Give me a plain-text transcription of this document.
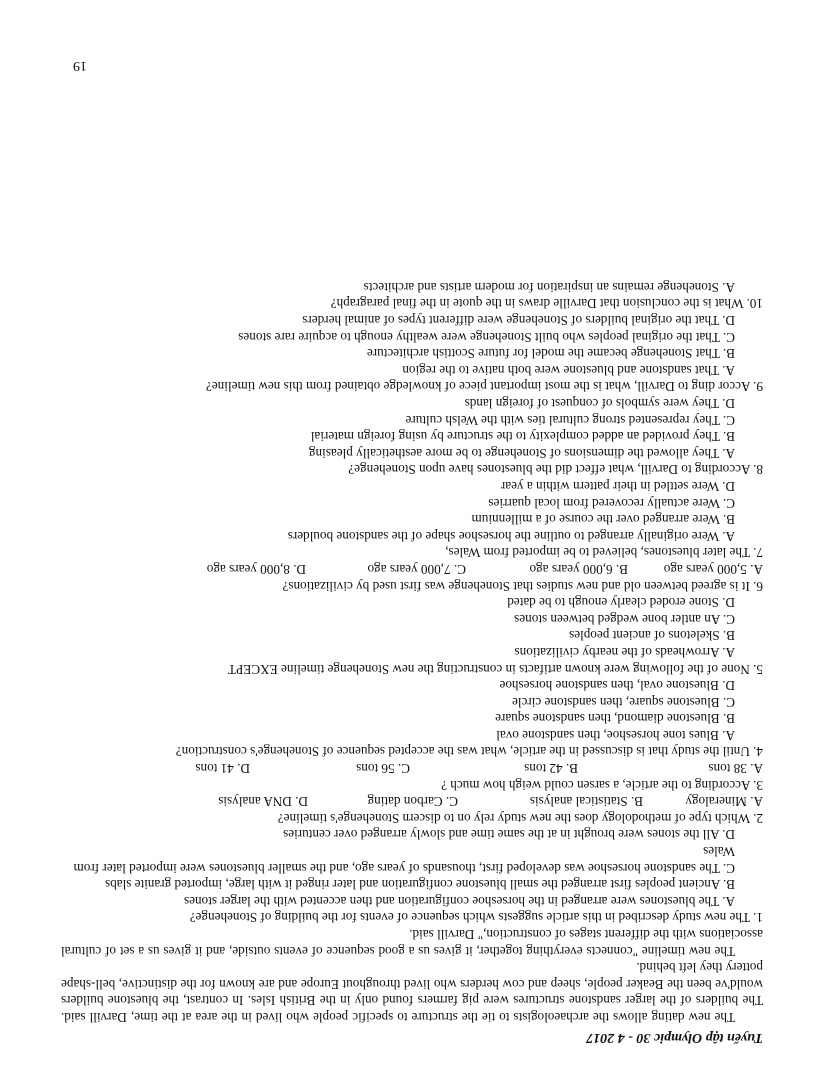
Tuyển tập Olympic 30 - 4 2017

The new dating allows the archaeologists to tie the structure to specific people who lived in the area at the time, Darvill said. The builders of the larger sandstone structures were pig farmers found only in the British Isles. In contrast, the bluestone builders would've been the Beaker people, sheep and cow herders who lived throughout Europe and are known for the distinctive, bell-shape pottery they left behind.

The new timeline "connects everything together, it gives us a good sequence of events outside, and it gives us a set of cultural associations with the different stages of construction," Darvill said.

1. The new study described in this article suggests which sequence of events for the building of Stonehenge?

A. The bluestones were arranged in the horseshoe configuration and then accented with the larger stones

B. Ancient peoples first arranged the small bluestone configuration and later ringed it with large, imported granite slabs

C. The sandstone horseshoe was developed first, thousands of years ago, and the smaller bluestones were imported later from Wales

D. All the stones were brought in at the same time and slowly arranged over centuries

2. Which type of methodology does the new study rely on to discern Stonehenge's timeline?

A. Mineralogy
B. Statistical analysis
C. Carbon dating
D. DNA analysis

3. According to the article, a sarsen could weigh how much ?

A. 38 tons
B. 42 tons
C. 56 tons
D. 41 tons

4. Until the study that is discussed in the article, what was the accepted sequence of Stonehenge's construction?

A. Blues tone horseshoe, then sandstone oval

B. Bluestone diamond, then sandstone square

C. Bluestone square, then sandstone circle

D. Bluestone oval, then sandstone horseshoe

5. None of the following were known artifacts in constructing the new Stonehenge timeline EXCEPT

A. Arrowheads of the nearby civilizations

B. Skeletons of ancient peoples

C. An antler bone wedged between stones

D. Stone eroded clearly enough to be dated

6. It is agreed between old and new studies that Stonehenge was first used by civilizations?

A. 5,000 years ago
B. 6,000 years ago
C. 7,000 years ago
D. 8,000 years ago

7. The later bluestones, believed to be imported from Wales,

A. Were originally arranged to outline the horseshoe shape of the sandstone boulders

B. Were arranged over the course of a millennium

C. Were actually recovered from local quarries

D. Were settled in their pattern within a year

8. According to Darvill, what effect did the bluestones have upon Stonehenge?

A. They allowed the dimensions of Stonehenge to be more aesthetically pleasing

B. They provided an added complexity to the structure by using foreign material

C. They represented strong cultural ties with the Welsh culture

D. They were symbols of conquest of foreign lands

9. Accor ding to Darvill, what is the most important piece of knowledge obtained from this new timeline?

A. That sandstone and bluestone were both native to the region

B. That Stonehenge became the model for future Scottish architecture

C. That the original peoples who built Stonehenge were wealthy enough to acquire rare stones

D. That the original builders of Stonehenge were different types of animal herders

10. What is the conclusion that Darville draws in the quote in the final paragraph?

A. Stonehenge remains an inspiration for modern artists and architects

19
